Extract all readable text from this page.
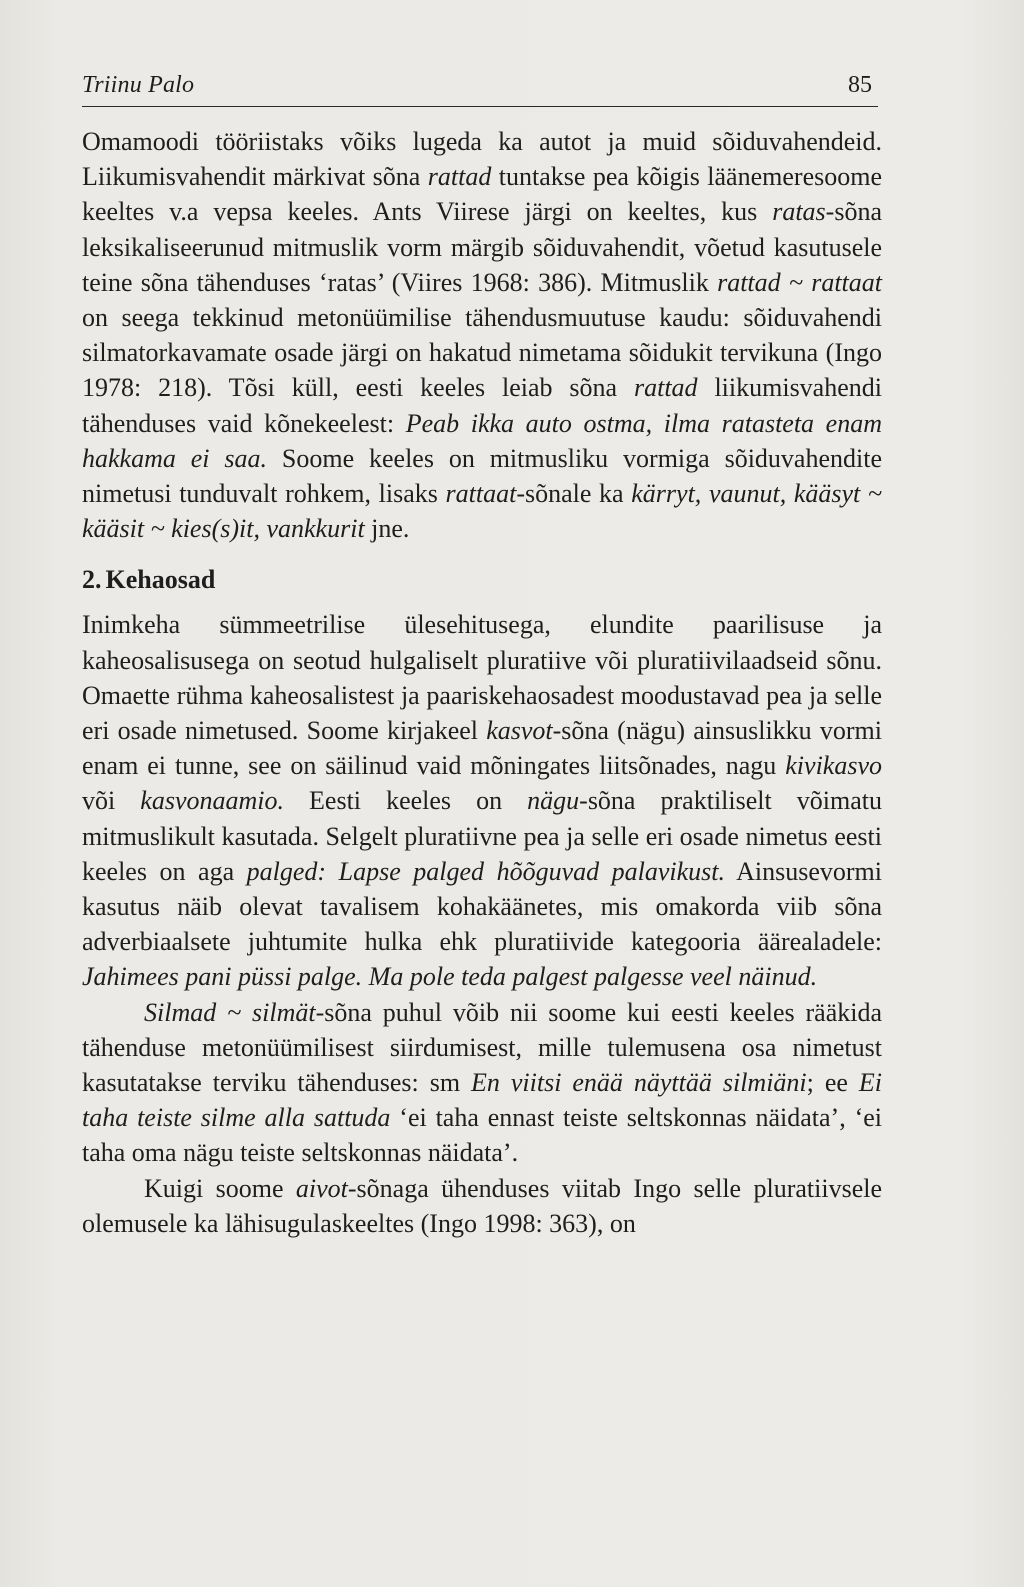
Triinu Palo	85

Omamoodi tööriistaks võiks lugeda ka autot ja muid sõiduvahendeid. Liikumisvahendit märkivat sõna rattad tuntakse pea kõigis läänemeresoome keeltes v.a vepsa keeles. Ants Viirese järgi on keeltes, kus ratas-sõna leksikaliseerunud mitmuslik vorm märgib sõiduvahendit, võetud kasutusele teine sõna tähenduses ‘ratas’ (Viires 1968: 386). Mitmuslik rattad ~ rattaat on seega tekkinud metonüümilise tähendusmuutuse kaudu: sõiduvahendi silmatorkavamate osade järgi on hakatud nimetama sõidukit tervikuna (Ingo 1978: 218). Tõsi küll, eesti keeles leiab sõna rattad liikumisvahendi tähenduses vaid kõnekeelest: Peab ikka auto ostma, ilma ratasteta enam hakkama ei saa. Soome keeles on mitmusliku vormiga sõiduvahendite nimetusi tunduvalt rohkem, lisaks rattaat-sõnale ka kärryt, vaunut, kääsyt ~ kääsit ~ kies(s)it, vankkurit jne.

2. Kehaosad

Inimkeha sümmeetrilise ülesehitusega, elundite paarilisuse ja kaheosalisusega on seotud hulgaliselt pluratiive või pluratiivilaadseid sõnu. Omaette rühma kaheosalistest ja paariskehaosadest moodustavad pea ja selle eri osade nimetused. Soome kirjakeel kasvot-sõna (nägu) ainsuslikku vormi enam ei tunne, see on säilinud vaid mõningates liitsõnades, nagu kivikasvo või kasvonaamio. Eesti keeles on nägu-sõna praktiliselt võimatu mitmuslikult kasutada. Selgelt pluratiivne pea ja selle eri osade nimetus eesti keeles on aga palged: Lapse palged hõõguvad palavikust. Ainsusevormi kasutus näib olevat tavalisem kohakäänetes, mis omakorda viib sõna adverbiaalsete juhtumite hulka ehk pluratiivide kategooria äärealadele: Jahimees pani püssi palge. Ma pole teda palgest palgesse veel näinud.

Silmad ~ silmät-sõna puhul võib nii soome kui eesti keeles rääkida tähenduse metonüümilisest siirdumisest, mille tulemusena osa nimetust kasutatakse terviku tähenduses: sm En viitsi enää näyttää silmiäni; ee Ei taha teiste silme alla sattuda ‘ei taha ennast teiste seltskonnas näidata’, ‘ei taha oma nägu teiste seltskonnas näidata’.

Kuigi soome aivot-sõnaga ühenduses viitab Ingo selle pluratiivsele olemusele ka lähisugulaskeeltes (Ingo 1998: 363), on
